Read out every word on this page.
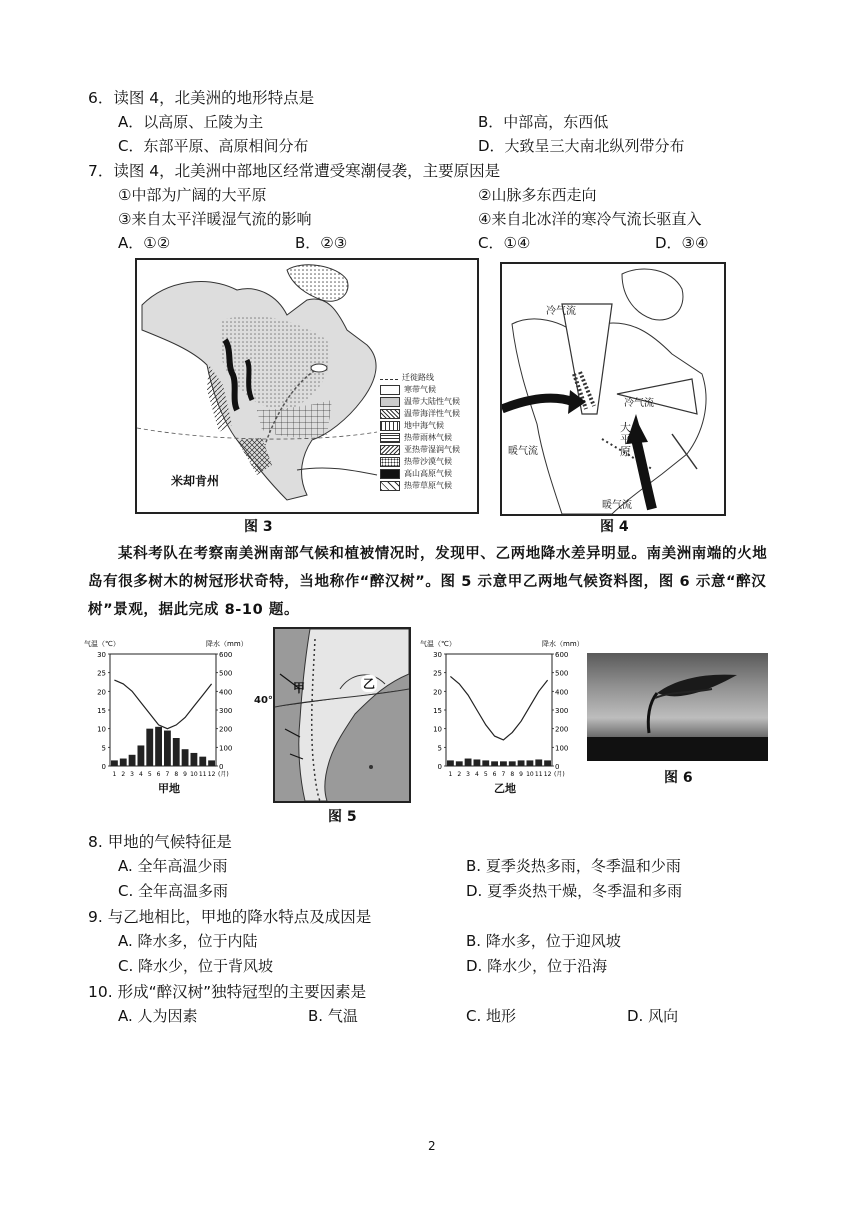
6．读图 4，北美洲的地形特点是
A．以高原、丘陵为主	B．中部高，东西低
C．东部平原、高原相间分布	D．大致呈三大南北纵列带分布
7．读图 4，北美洲中部地区经常遭受寒潮侵袭，主要原因是
①中部为广阔的大平原	②山脉多东西走向
③来自太平洋暖湿气流的影响	④来自北冰洋的寒冷气流长驱直入
A．①②	B．②③	C．①④	D．③④
米却肯州
迁徙路线
寒带气候
温带大陆性气候
温带海洋性气候
地中海气候
热带雨林气候
亚热带湿润气候
热带沙漠气候
高山高原气候
热带草原气候
图 3
冷气流
冷气流
暖气流
暖气流
大平原
图 4
某科考队在考察南美洲南部气候和植被情况时，发现甲、乙两地降水差异明显。南美洲南端的火地岛有很多树木的树冠形状奇特，当地称作“醉汉树”。图 5 示意甲乙两地气候资料图，图 6 示意“醉汉树”景观，据此完成 8-10 题。
气温（℃）	降水（mm）
30
25
20
15
10
5
0
600
500
400
300
200
100
0
1 2 3 4 5 6 7 8 9 10 11 12 (月)
甲地
甲	乙
40°
图 5
气温（℃）	降水（mm）
30
25
20
15
10
5
0
600
500
400
300
200
100
0
1 2 3 4 5 6 7 8 9 10 11 12 (月)
乙地
图 6
8. 甲地的气候特征是
A. 全年高温少雨	B. 夏季炎热多雨，冬季温和少雨
C. 全年高温多雨	D. 夏季炎热干燥，冬季温和多雨
9. 与乙地相比，甲地的降水特点及成因是
A. 降水多，位于内陆	B. 降水多，位于迎风坡
C. 降水少，位于背风坡	D. 降水少，位于沿海
10. 形成“醉汉树”独特冠型的主要因素是
A. 人为因素	B. 气温	C. 地形	D. 风向
2
